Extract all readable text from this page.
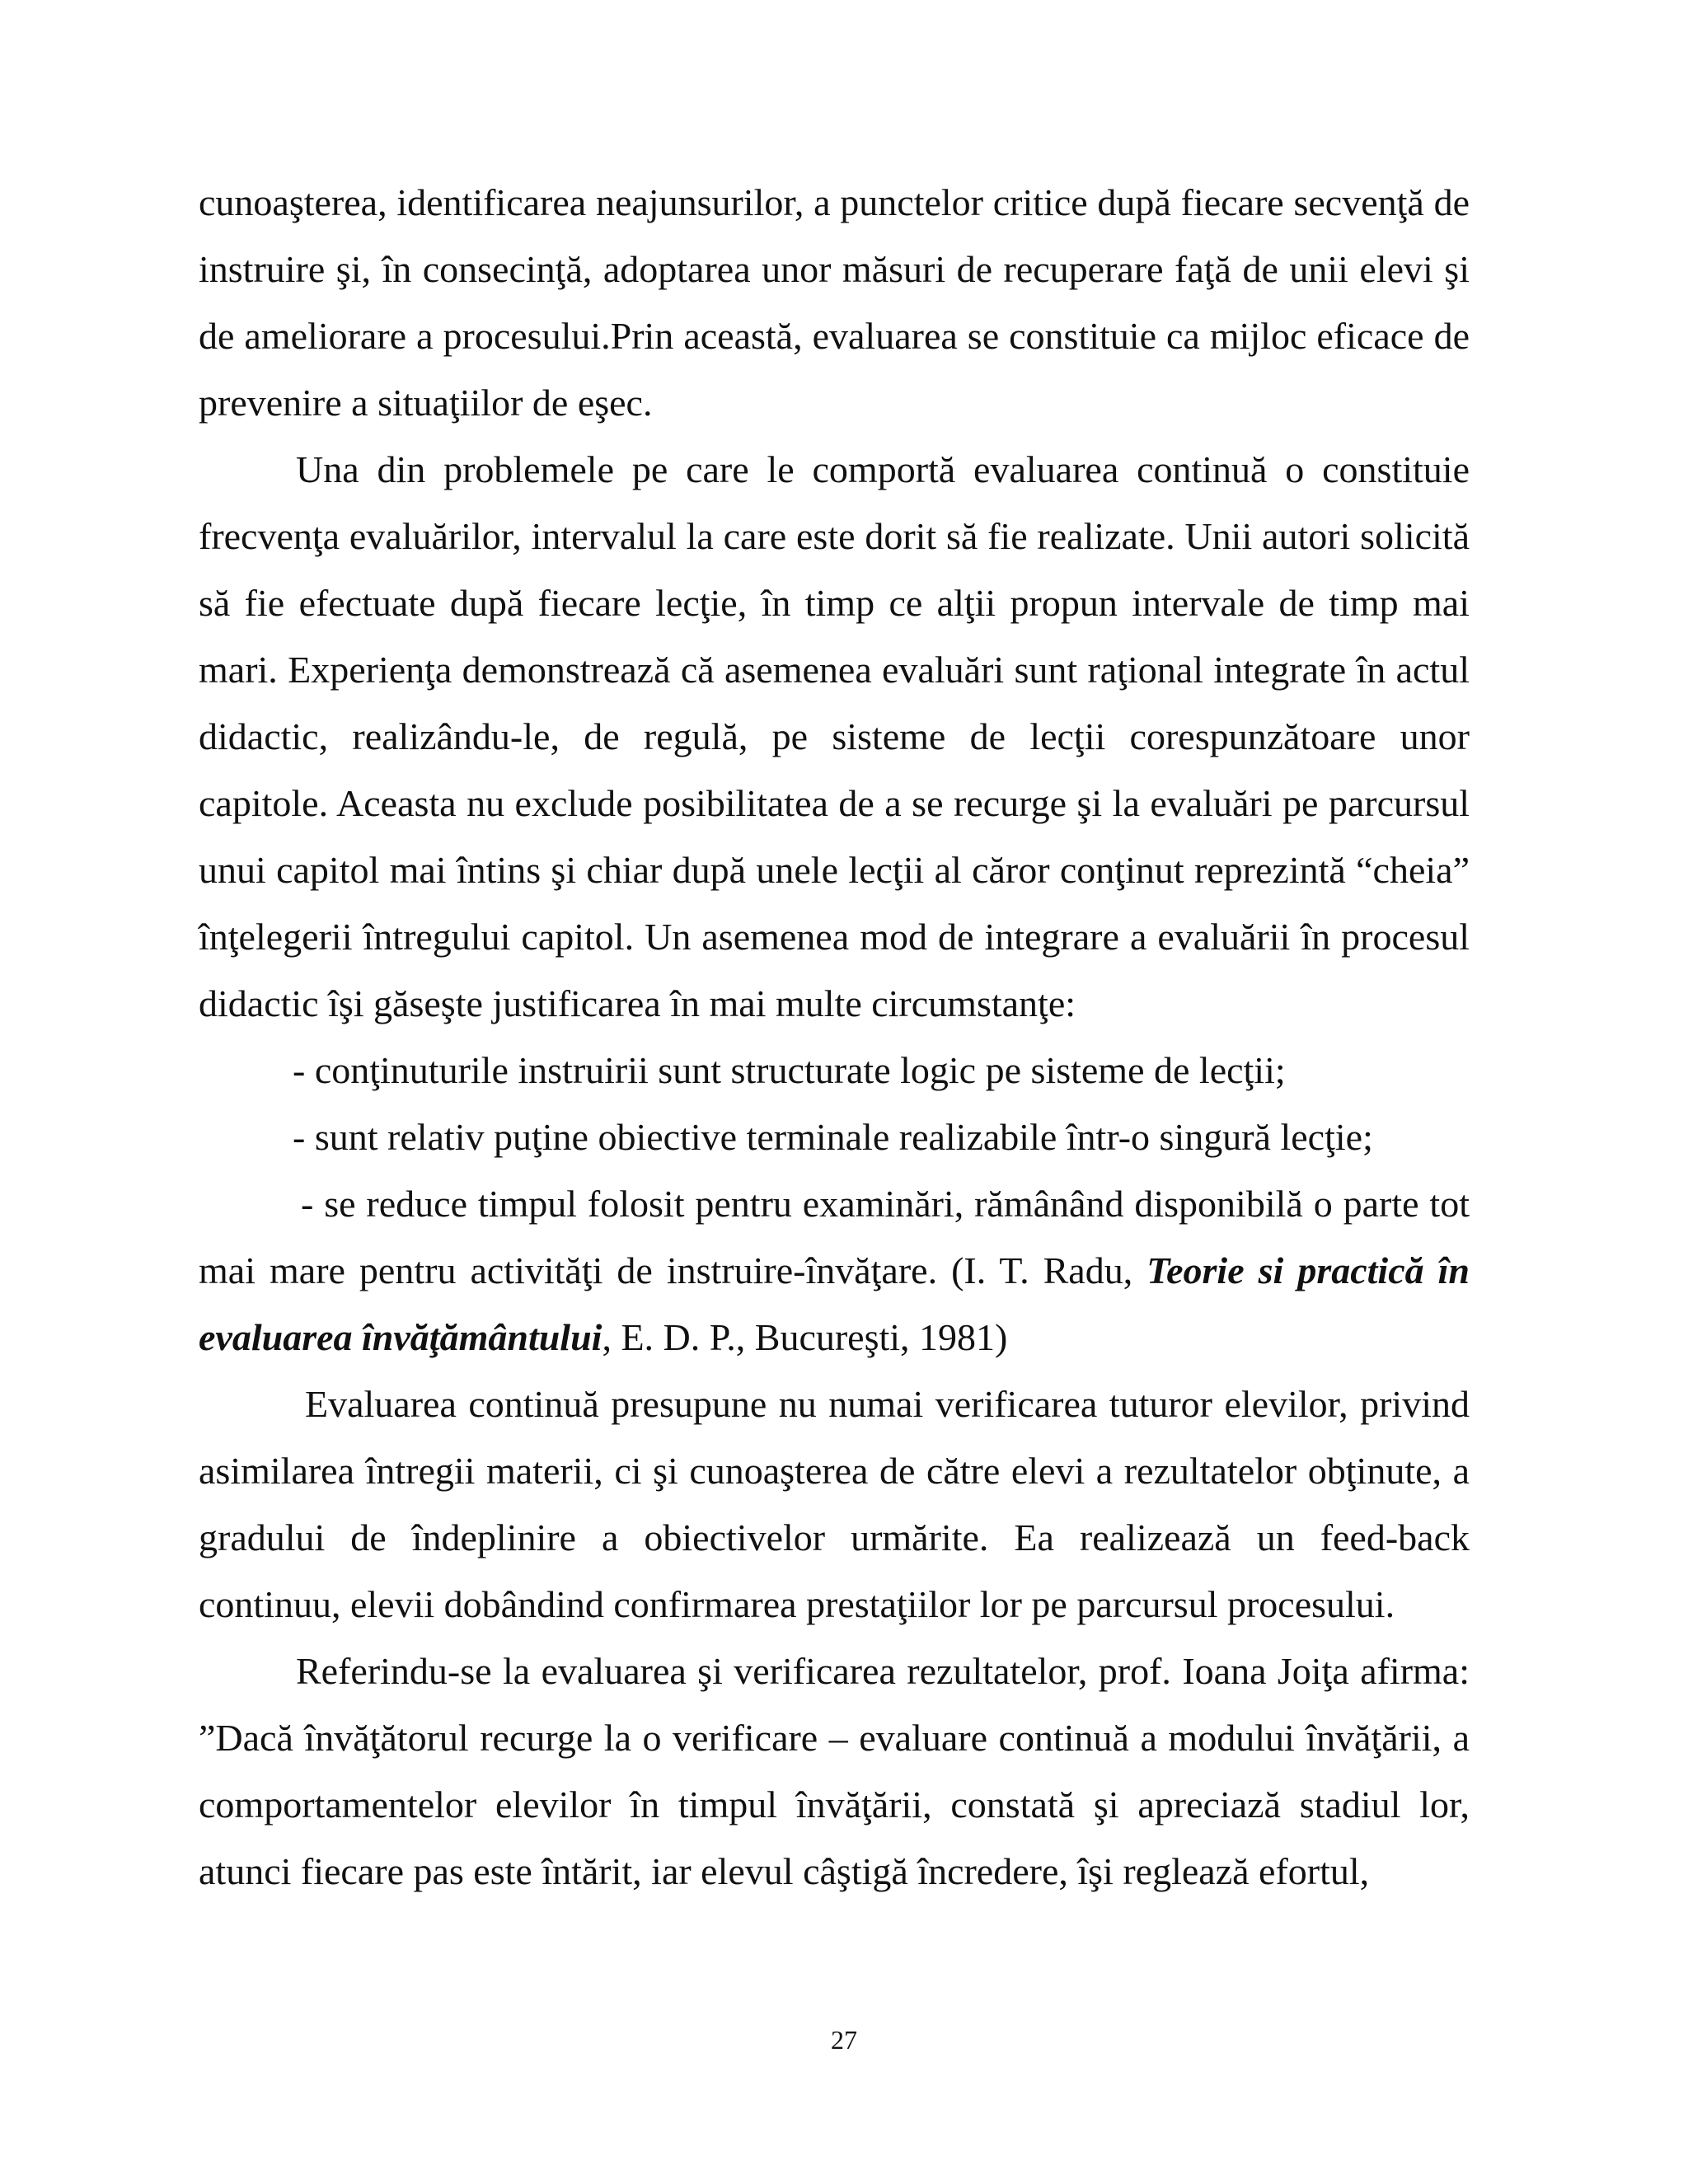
cunoaşterea, identificarea neajunsurilor, a punctelor critice după fiecare secvenţă de instruire şi, în consecinţă, adoptarea unor măsuri de recuperare faţă de unii elevi şi de ameliorare a procesului.Prin această, evaluarea se constituie ca mijloc eficace de prevenire a situaţiilor de eşec.

Una din problemele pe care le comportă evaluarea continuă o constituie frecvenţa evaluărilor, intervalul la care este dorit să fie realizate. Unii autori solicită să fie efectuate după fiecare lecţie, în timp ce alţii propun intervale de timp mai mari. Experienţa demonstrează că asemenea evaluări sunt raţional integrate în actul didactic, realizându-le, de regulă, pe sisteme de lecţii corespunzătoare unor capitole. Aceasta nu exclude posibilitatea de a se recurge şi la evaluări pe parcursul unui capitol mai întins şi chiar după unele lecţii al căror conţinut reprezintă “cheia” înţelegerii întregului capitol. Un asemenea mod de integrare a evaluării în procesul didactic îşi găseşte justificarea în mai multe circumstanţe:

- conţinuturile instruirii sunt structurate logic pe sisteme de lecţii;

- sunt relativ puţine obiective terminale realizabile într-o singură lecţie;

- se reduce timpul folosit pentru examinări, rămânând disponibilă o parte tot mai mare pentru activităţi de instruire-învăţare. (I. T. Radu, Teorie si practică în evaluarea învăţământului, E. D. P., Bucureşti, 1981)

Evaluarea continuă presupune nu numai verificarea tuturor elevilor, privind asimilarea întregii materii, ci şi cunoaşterea de către elevi a rezultatelor obţinute, a gradului de îndeplinire a obiectivelor urmărite. Ea realizează un feed-back continuu, elevii dobândind confirmarea prestaţiilor lor pe parcursul procesului.

Referindu-se la evaluarea şi verificarea rezultatelor, prof. Ioana Joiţa afirma: ”Dacă învăţătorul recurge la o verificare – evaluare continuă a modului învăţării, a comportamentelor elevilor în timpul învăţării, constată şi apreciază stadiul lor, atunci fiecare pas este întărit, iar elevul câştigă încredere, îşi reglează efortul,

27
